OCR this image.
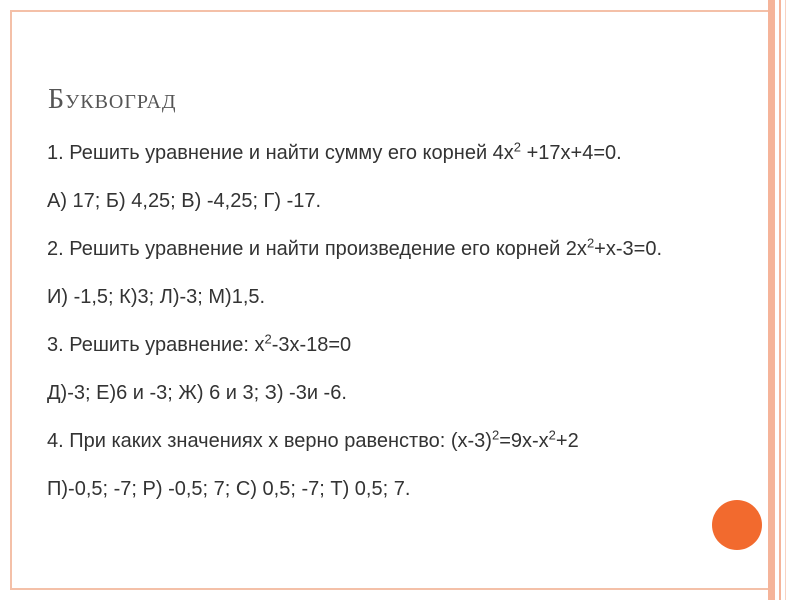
Буквоград
1. Решить уравнение и найти сумму его корней $4x^2 +17x+4=0$.
А) 17; Б) 4,25; В) -4,25; Г) -17.
2. Решить уравнение и найти произведение его корней $2x^2+x-3=0$.
И) -1,5; К)3; Л)-3; М)1,5.
3. Решить уравнение: $x^2-3x-18=0$
Д)-3; Е)6 и -3; Ж) 6 и 3; З) -3и -6.
4. При каких значениях x верно равенство: $(x-3)^2=9x-x^2+2$
П)-0,5; -7; Р) -0,5; 7; С) 0,5; -7; Т) 0,5; 7.
